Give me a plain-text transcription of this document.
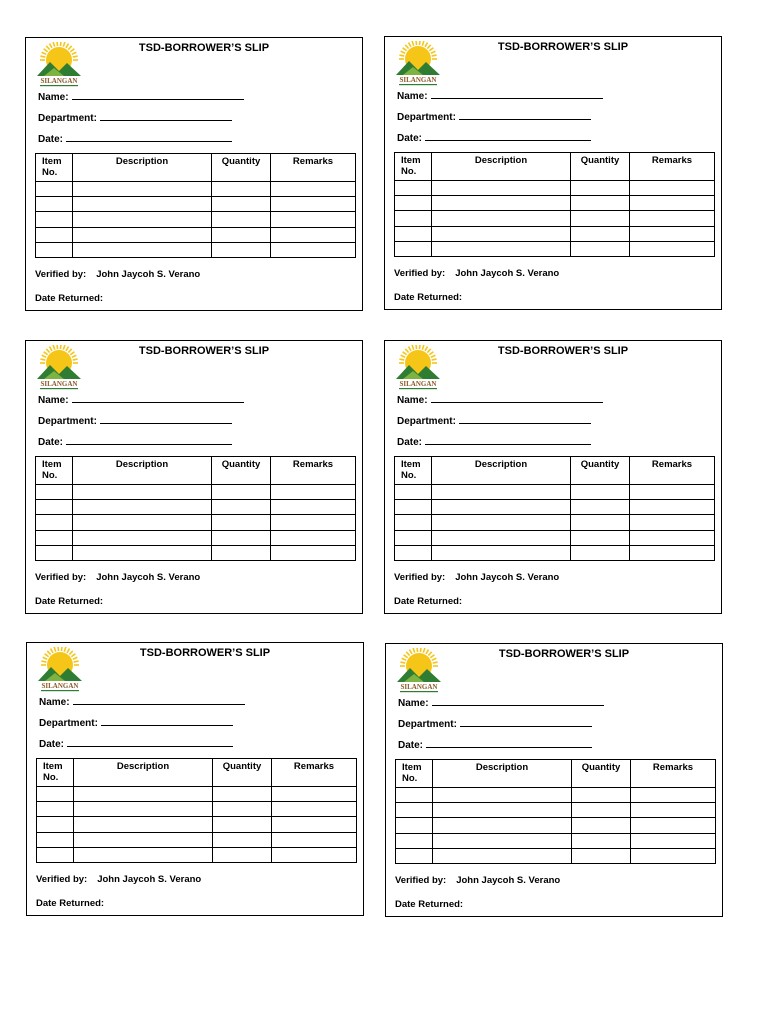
SILANGAN
TSD-BORROWER’S SLIP
Name:
Department:
Date:
Item No.	Description	Quantity	Remarks

Verified by: John Jaycoh S. Verano
Date Returned:
SILANGAN
TSD-BORROWER’S SLIP
Name:
Department:
Date:
Item No.	Description	Quantity	Remarks

Verified by: John Jaycoh S. Verano
Date Returned:
SILANGAN
TSD-BORROWER’S SLIP
Name:
Department:
Date:
Item No.	Description	Quantity	Remarks

Verified by: John Jaycoh S. Verano
Date Returned:
SILANGAN
TSD-BORROWER’S SLIP
Name:
Department:
Date:
Item No.	Description	Quantity	Remarks

Verified by: John Jaycoh S. Verano
Date Returned:
SILANGAN
TSD-BORROWER’S SLIP
Name:
Department:
Date:
Item No.	Description	Quantity	Remarks

Verified by: John Jaycoh S. Verano
Date Returned:
SILANGAN
TSD-BORROWER’S SLIP
Name:
Department:
Date:
Item No.	Description	Quantity	Remarks

Verified by: John Jaycoh S. Verano
Date Returned:
